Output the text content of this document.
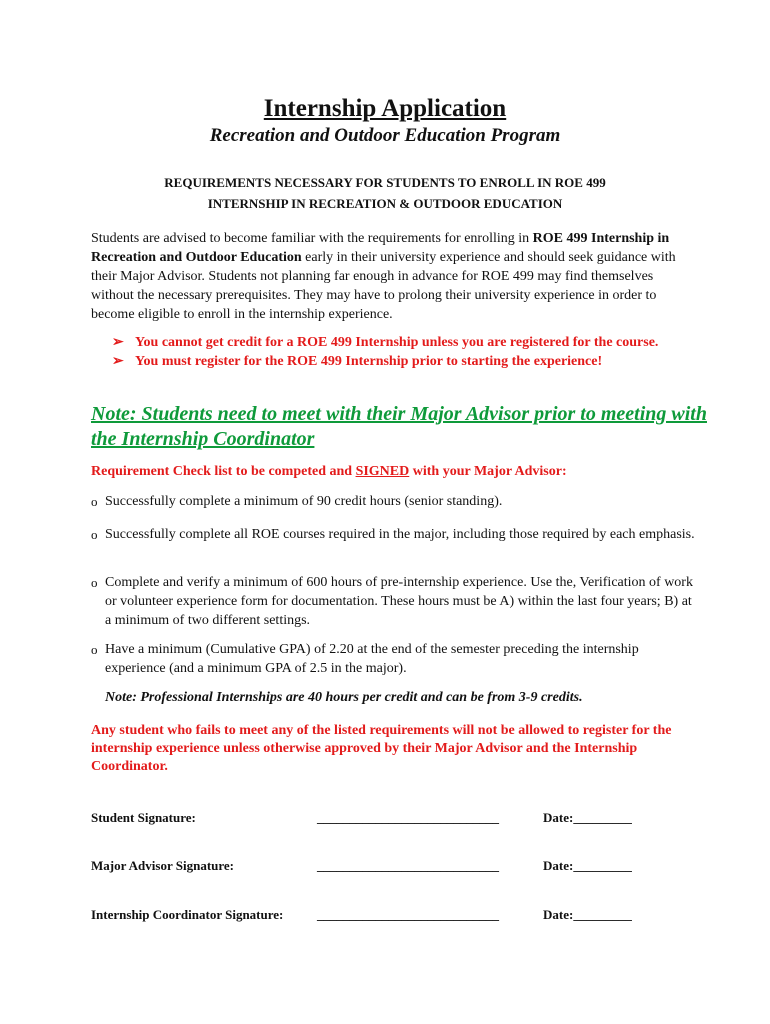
Internship Application
Recreation and Outdoor Education Program
REQUIREMENTS NECESSARY FOR STUDENTS TO ENROLL IN ROE 499
INTERNSHIP IN RECREATION & OUTDOOR EDUCATION
Students are advised to become familiar with the requirements for enrolling in ROE 499 Internship in Recreation and Outdoor Education early in their university experience and should seek guidance with their Major Advisor. Students not planning far enough in advance for ROE 499 may find themselves without the necessary prerequisites. They may have to prolong their university experience in order to become eligible to enroll in the internship experience.
➢ You cannot get credit for a ROE 499 Internship unless you are registered for the course.
➢ You must register for the ROE 499 Internship prior to starting the experience!
Note: Students need to meet with their Major Advisor prior to meeting with the Internship Coordinator
Requirement Check list to be competed and SIGNED with your Major Advisor:
o Successfully complete a minimum of 90 credit hours (senior standing).
o Successfully complete all ROE courses required in the major, including those required by each emphasis.
o Complete and verify a minimum of 600 hours of pre-internship experience. Use the, Verification of work or volunteer experience form for documentation. These hours must be A) within the last four years; B) at a minimum of two different settings.
o Have a minimum (Cumulative GPA) of 2.20 at the end of the semester preceding the internship experience (and a minimum GPA of 2.5 in the major).
Note: Professional Internships are 40 hours per credit and can be from 3-9 credits.
Any student who fails to meet any of the listed requirements will not be allowed to register for the internship experience unless otherwise approved by their Major Advisor and the Internship Coordinator.
Student Signature:	____________________________	Date:_________
Major Advisor Signature:	____________________________	Date:_________
Internship Coordinator Signature:	____________________________	Date:_________
